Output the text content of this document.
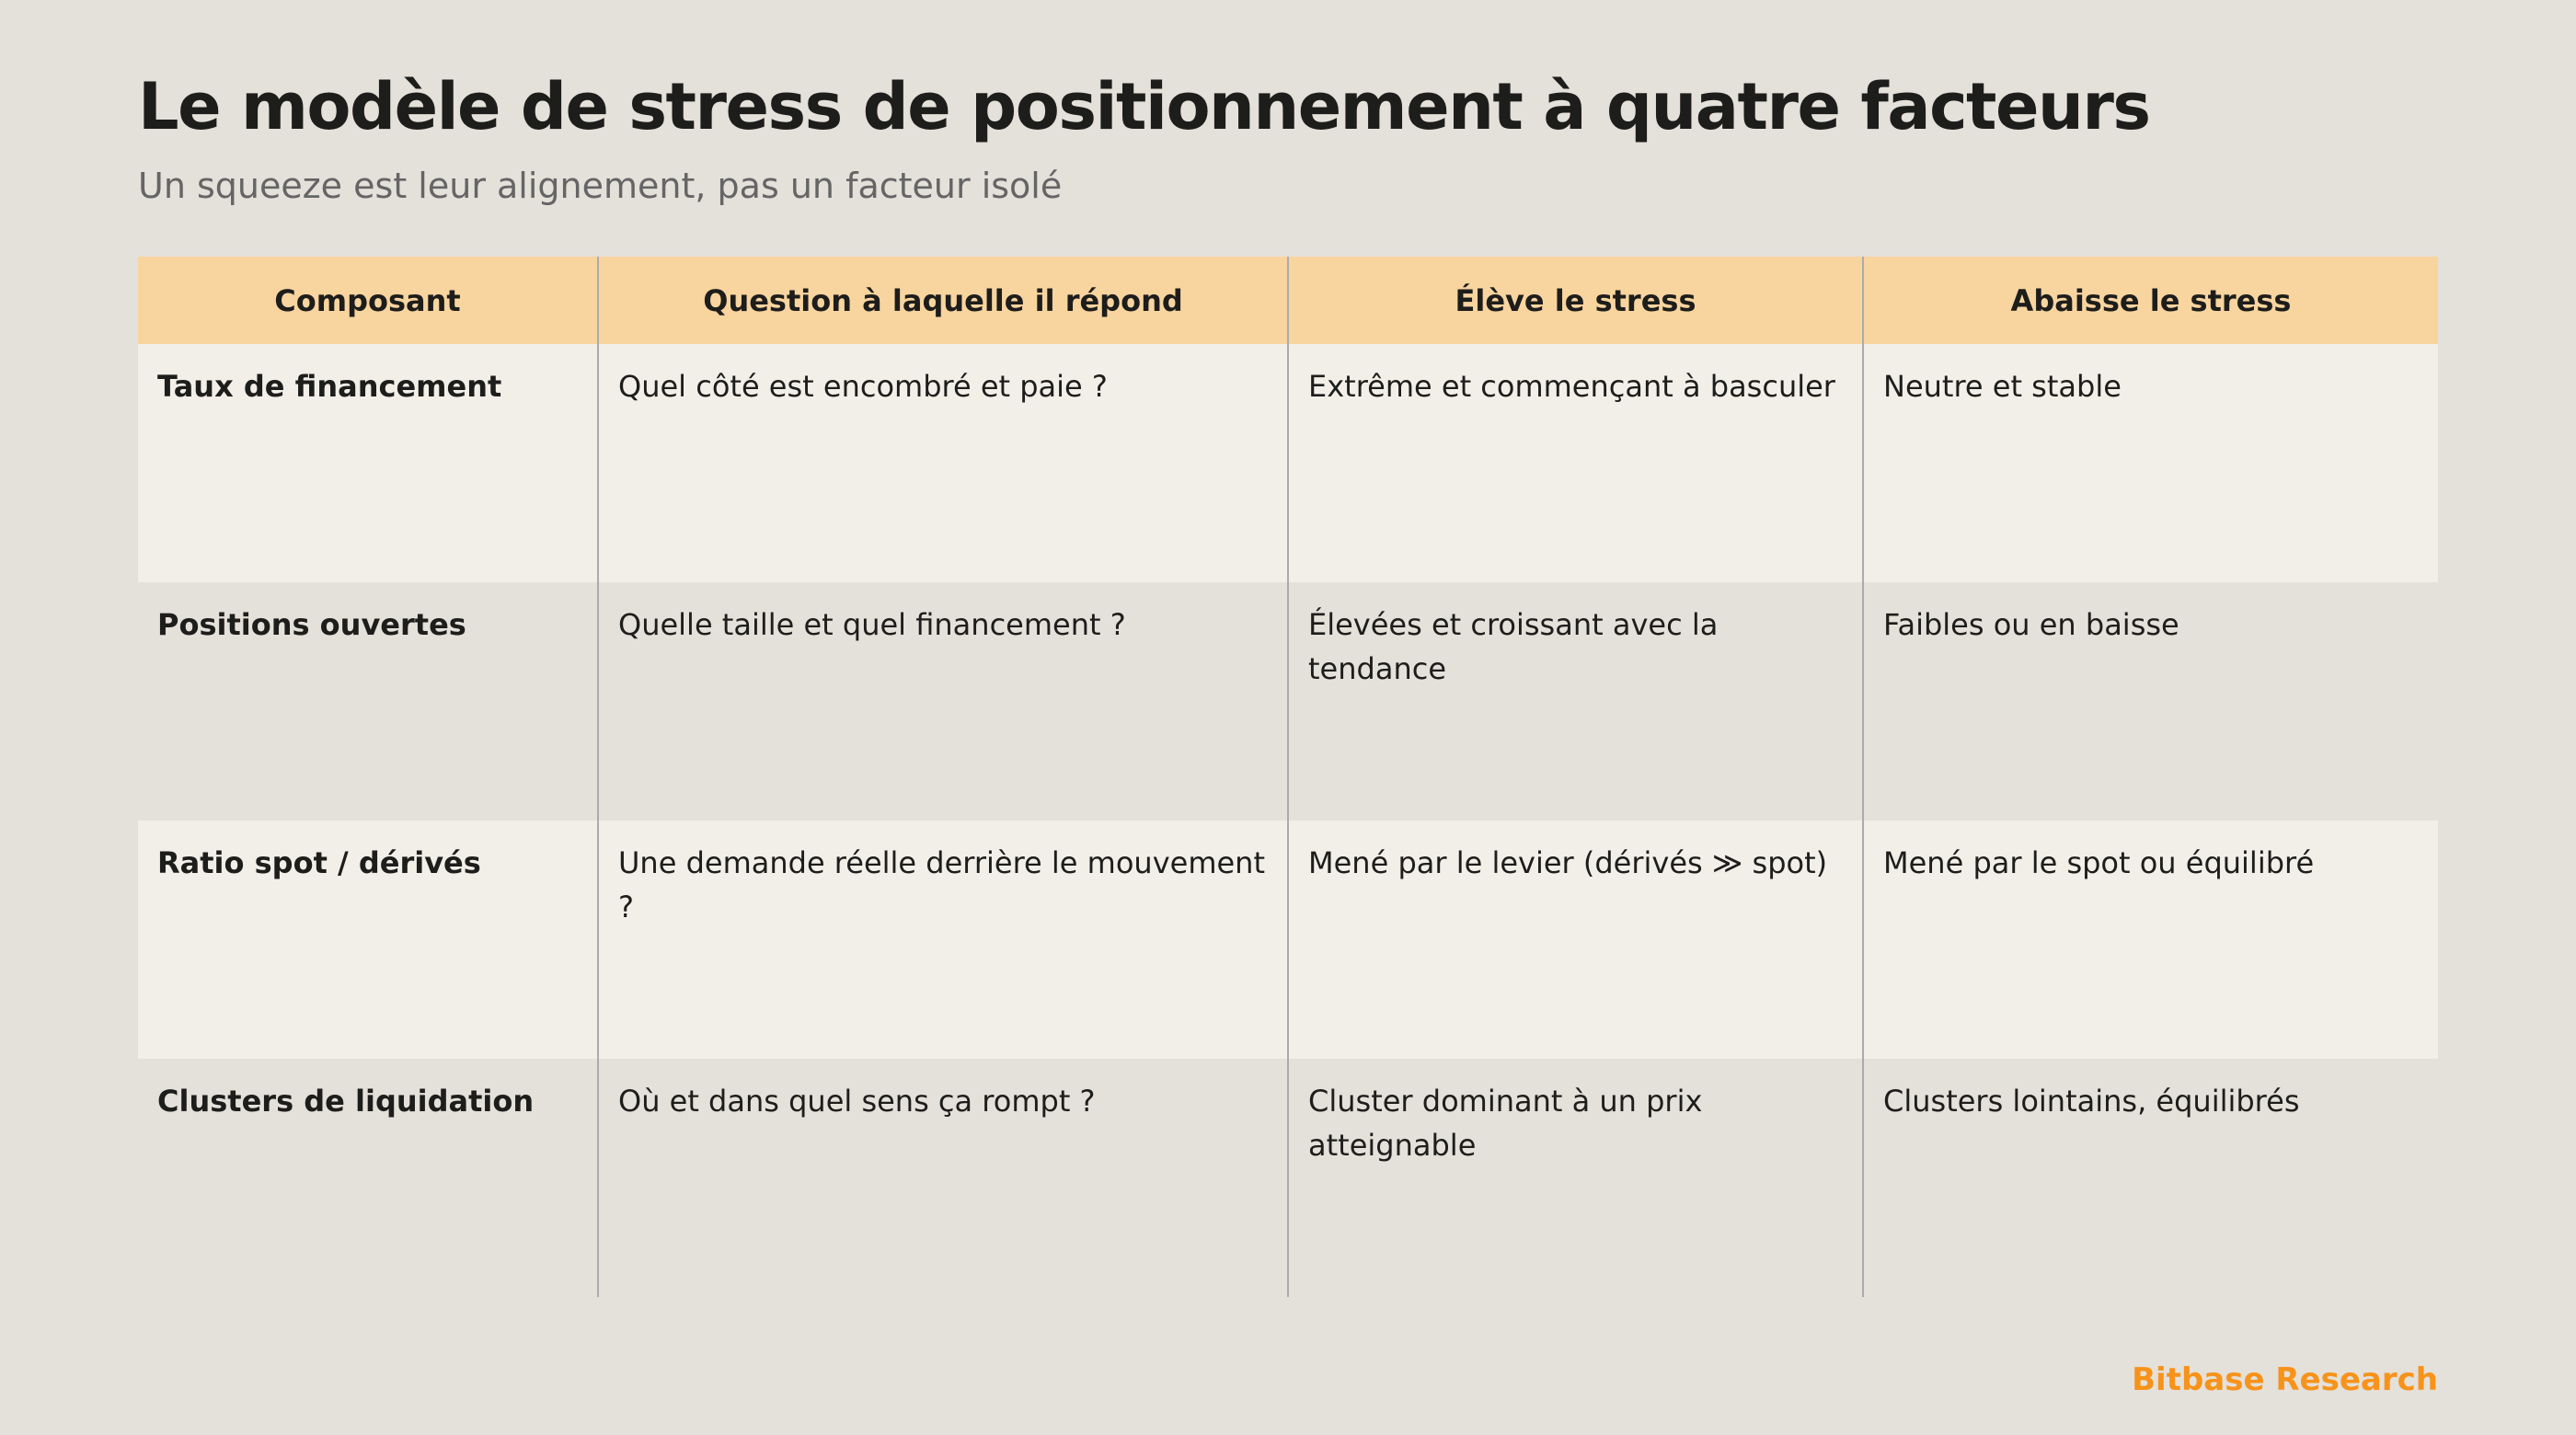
Le modèle de stress de positionnement à quatre facteurs

Un squeeze est leur alignement, pas un facteur isolé

Composant	Question à laquelle il répond	Élève le stress	Abaisse le stress
Taux de financement	Quel côté est encombré et paie ?	Extrême et commençant à basculer	Neutre et stable
Positions ouvertes	Quelle taille et quel financement ?	Élevées et croissant avec la tendance	Faibles ou en baisse
Ratio spot / dérivés	Une demande réelle derrière le mouvement ?	Mené par le levier (dérivés ≫ spot)	Mené par le spot ou équilibré
Clusters de liquidation	Où et dans quel sens ça rompt ?	Cluster dominant à un prix atteignable	Clusters lointains, équilibrés

Bitbase Research
